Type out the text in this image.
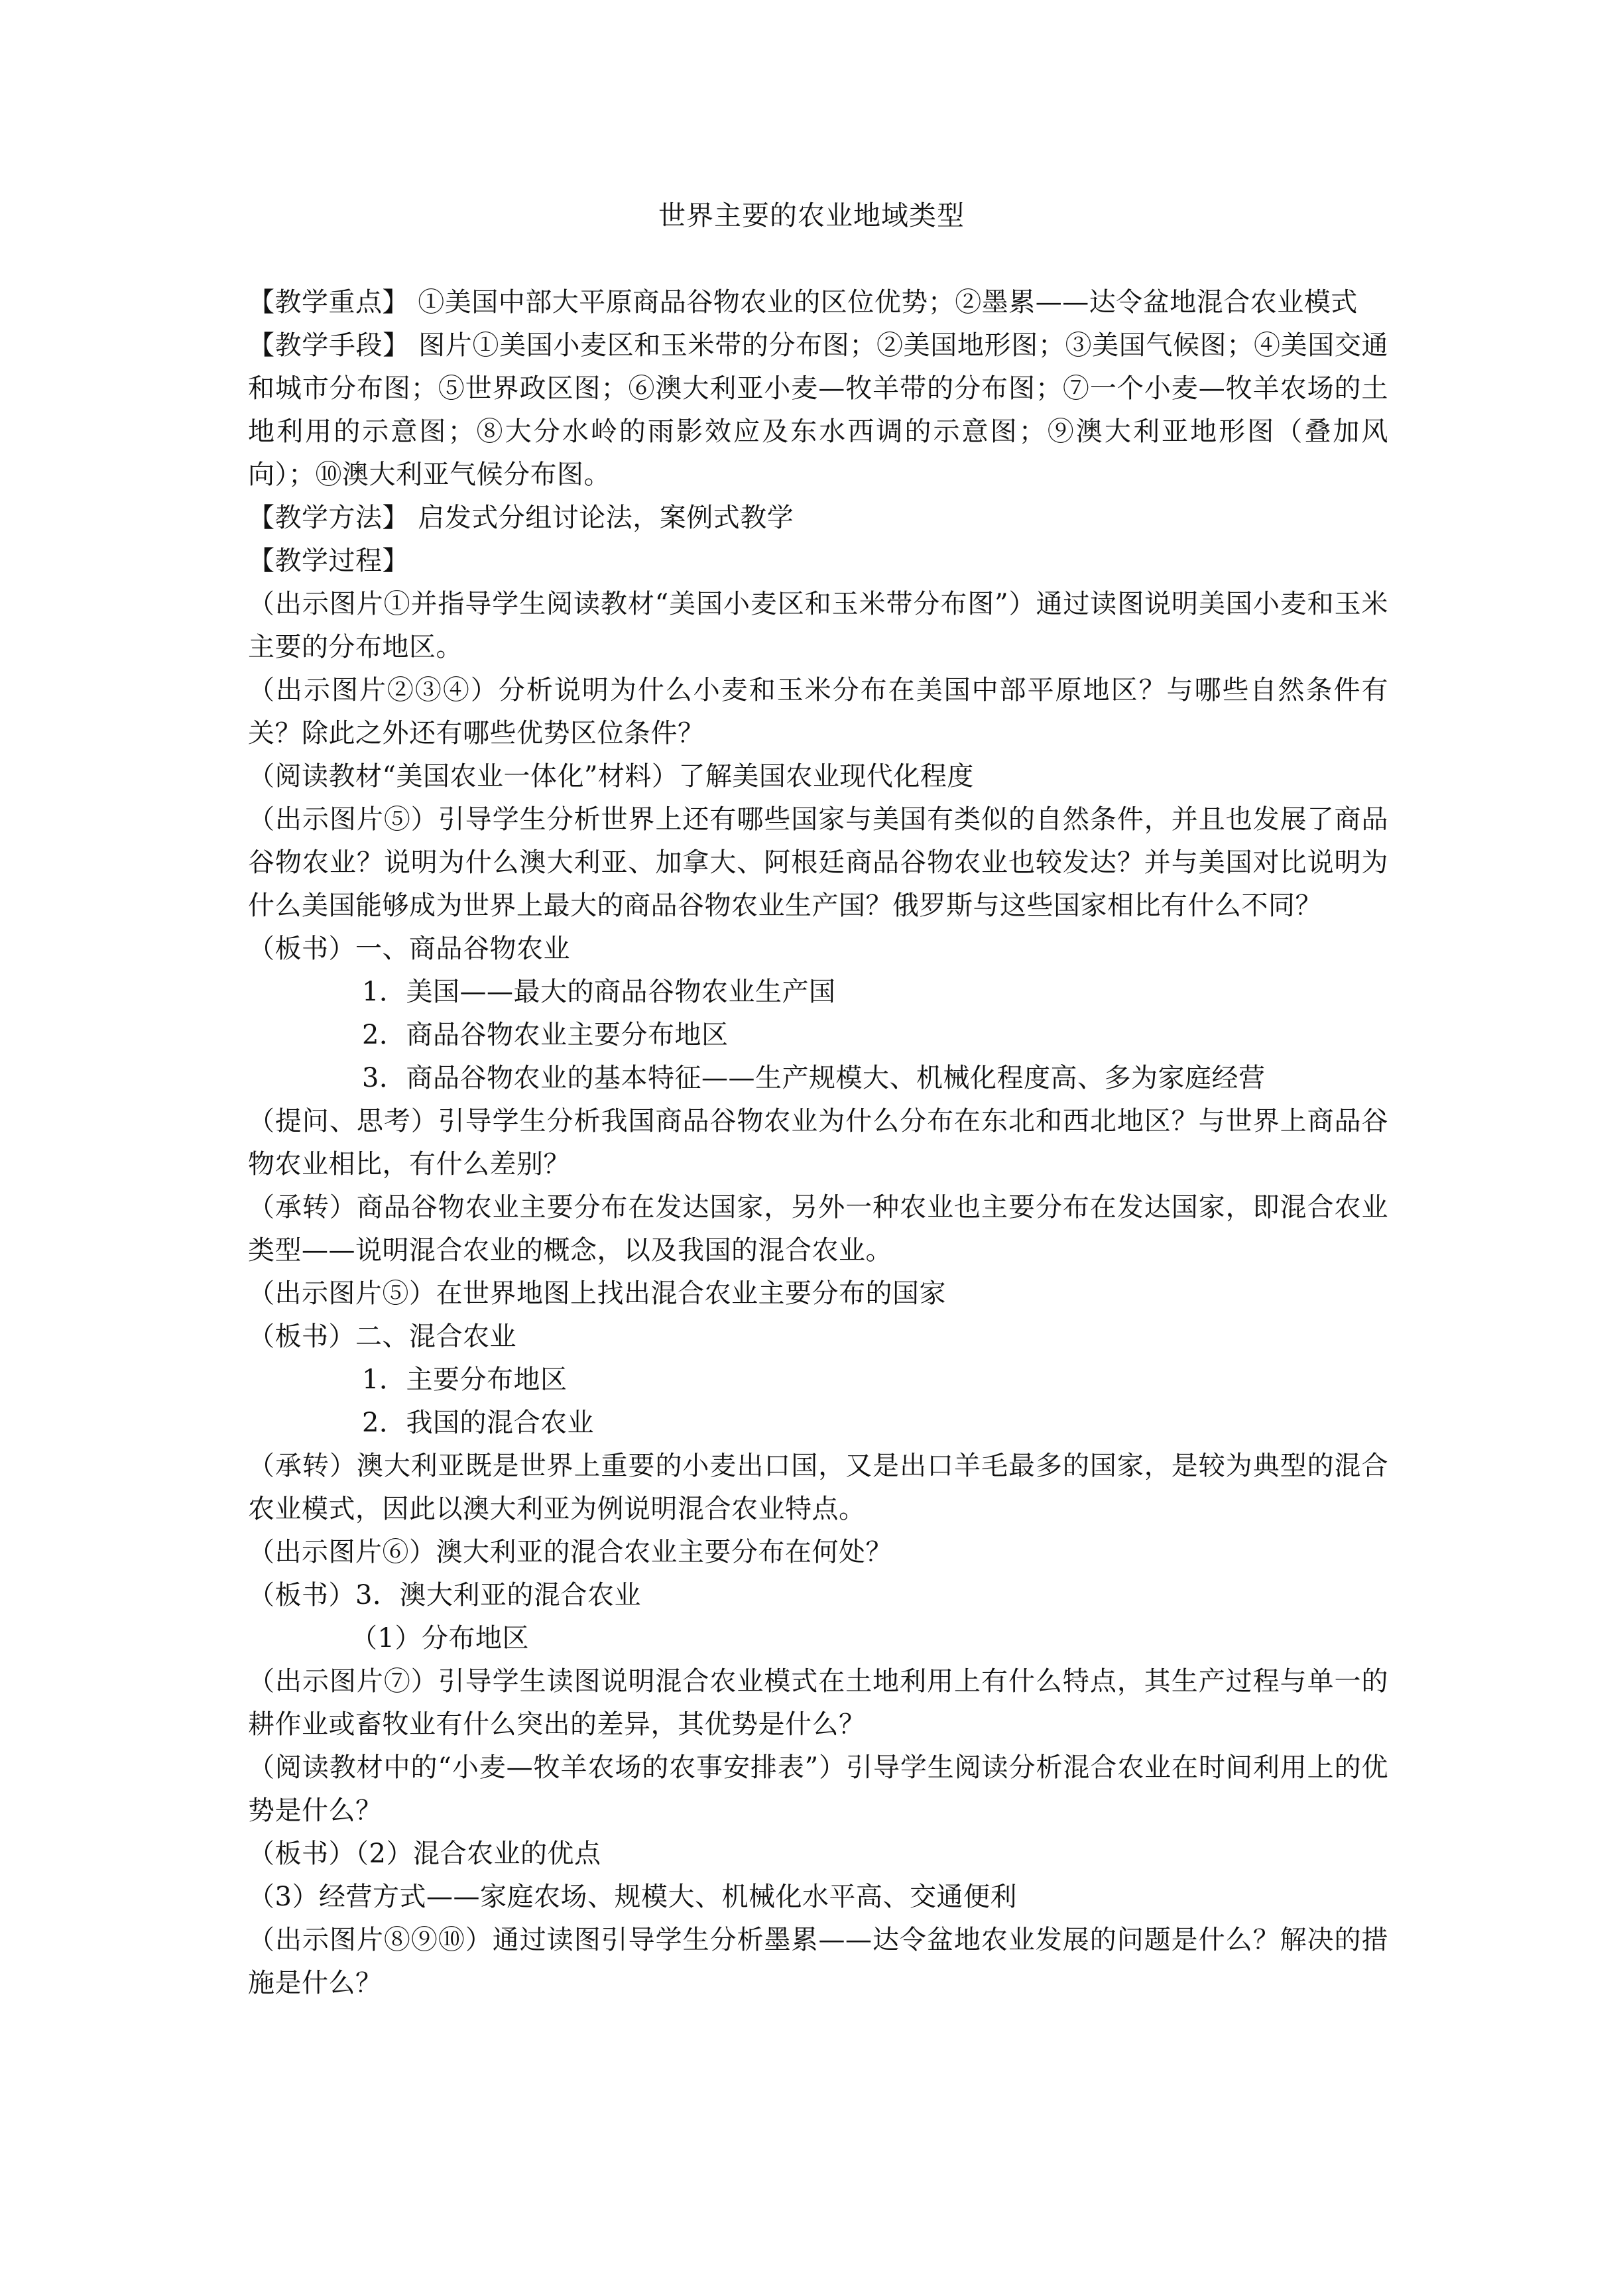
世界主要的农业地域类型

【教学重点】 ①美国中部大平原商品谷物农业的区位优势；②墨累——达令盆地混合农业模式

【教学手段】 图片①美国小麦区和玉米带的分布图；②美国地形图；③美国气候图；④美国交通和城市分布图；⑤世界政区图；⑥澳大利亚小麦—牧羊带的分布图；⑦一个小麦—牧羊农场的土地利用的示意图；⑧大分水岭的雨影效应及东水西调的示意图；⑨澳大利亚地形图（叠加风向）；⑩澳大利亚气候分布图。

【教学方法】 启发式分组讨论法，案例式教学

【教学过程】

（出示图片①并指导学生阅读教材“美国小麦区和玉米带分布图”）通过读图说明美国小麦和玉米主要的分布地区。

（出示图片②③④）分析说明为什么小麦和玉米分布在美国中部平原地区？与哪些自然条件有关？除此之外还有哪些优势区位条件？

（阅读教材“美国农业一体化”材料）了解美国农业现代化程度

（出示图片⑤）引导学生分析世界上还有哪些国家与美国有类似的自然条件，并且也发展了商品谷物农业？说明为什么澳大利亚、加拿大、阿根廷商品谷物农业也较发达？并与美国对比说明为什么美国能够成为世界上最大的商品谷物农业生产国？俄罗斯与这些国家相比有什么不同？

（板书）一、商品谷物农业

1．美国——最大的商品谷物农业生产国

2．商品谷物农业主要分布地区

3．商品谷物农业的基本特征——生产规模大、机械化程度高、多为家庭经营

（提问、思考）引导学生分析我国商品谷物农业为什么分布在东北和西北地区？与世界上商品谷物农业相比，有什么差别？

（承转）商品谷物农业主要分布在发达国家，另外一种农业也主要分布在发达国家，即混合农业类型——说明混合农业的概念，以及我国的混合农业。

（出示图片⑤）在世界地图上找出混合农业主要分布的国家

（板书）二、混合农业

1．主要分布地区

2．我国的混合农业

（承转）澳大利亚既是世界上重要的小麦出口国，又是出口羊毛最多的国家，是较为典型的混合农业模式，因此以澳大利亚为例说明混合农业特点。

（出示图片⑥）澳大利亚的混合农业主要分布在何处？

（板书）3．澳大利亚的混合农业

（1）分布地区

（出示图片⑦）引导学生读图说明混合农业模式在土地利用上有什么特点，其生产过程与单一的耕作业或畜牧业有什么突出的差异，其优势是什么？

（阅读教材中的“小麦—牧羊农场的农事安排表”）引导学生阅读分析混合农业在时间利用上的优势是什么？

（板书）（2）混合农业的优点

（3）经营方式——家庭农场、规模大、机械化水平高、交通便利

（出示图片⑧⑨⑩）通过读图引导学生分析墨累——达令盆地农业发展的问题是什么？解决的措施是什么？
